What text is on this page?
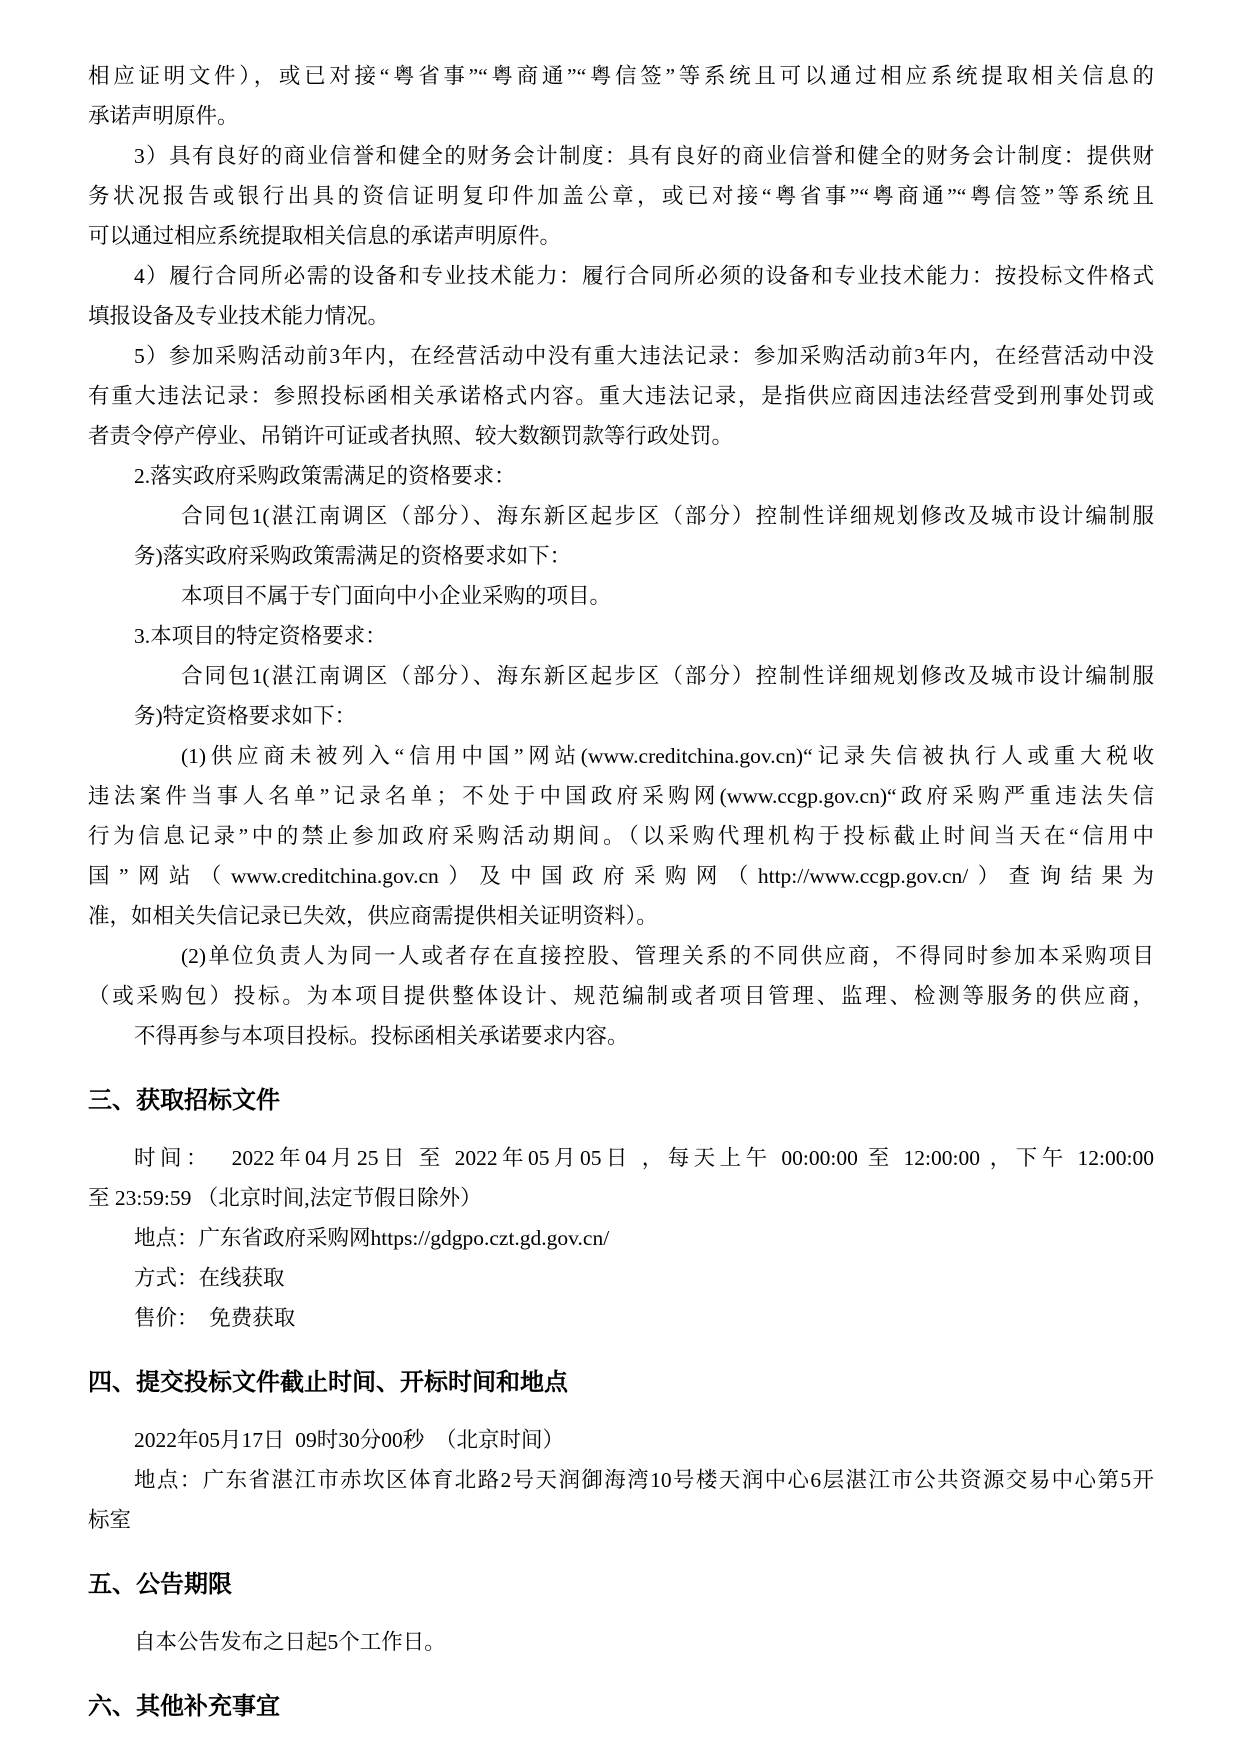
相应证明文件），或已对接“粤省事”“粤商通”“粤信签”等系统且可以通过相应系统提取相关信息的
承诺声明原件。
3）具有良好的商业信誉和健全的财务会计制度：具有良好的商业信誉和健全的财务会计制度：提供财
务状况报告或银行出具的资信证明复印件加盖公章，或已对接“粤省事”“粤商通”“粤信签”等系统且
可以通过相应系统提取相关信息的承诺声明原件。
4）履行合同所必需的设备和专业技术能力：履行合同所必须的设备和专业技术能力：按投标文件格式
填报设备及专业技术能力情况。
5）参加采购活动前3年内，在经营活动中没有重大违法记录：参加采购活动前3年内，在经营活动中没
有重大违法记录：参照投标函相关承诺格式内容。重大违法记录，是指供应商因违法经营受到刑事处罚或
者责令停产停业、吊销许可证或者执照、较大数额罚款等行政处罚。
2.落实政府采购政策需满足的资格要求：
合同包1(湛江南调区（部分）、海东新区起步区（部分）控制性详细规划修改及城市设计编制服
务)落实政府采购政策需满足的资格要求如下：
本项目不属于专门面向中小企业采购的项目。
3.本项目的特定资格要求：
合同包1(湛江南调区（部分）、海东新区起步区（部分）控制性详细规划修改及城市设计编制服
务)特定资格要求如下：
(1)供应商未被列入“信用中国”网站(www.creditchina.gov.cn)“记录失信被执行人或重大税收
违法案件当事人名单”记录名单；不处于中国政府采购网(www.ccgp.gov.cn)“政府采购严重违法失信
行为信息记录”中的禁止参加政府采购活动期间。（以采购代理机构于投标截止时间当天在“信用中
国”网站（www.creditchina.gov.cn）及中国政府采购网（http://www.ccgp.gov.cn/）查询结果为
准，如相关失信记录已失效，供应商需提供相关证明资料）。
(2)单位负责人为同一人或者存在直接控股、管理关系的不同供应商，不得同时参加本采购项目
（或采购包）投标。为本项目提供整体设计、规范编制或者项目管理、监理、检测等服务的供应商，
不得再参与本项目投标。投标函相关承诺要求内容。
三、获取招标文件
时间：  2022年04月25日 至 2022年05月05日 ，每天上午 00:00:00 至 12:00:00 ，下午 12:00:00
至 23:59:59 （北京时间,法定节假日除外）
地点：广东省政府采购网https://gdgpo.czt.gd.gov.cn/
方式：在线获取
售价：  免费获取
四、提交投标文件截止时间、开标时间和地点
2022年05月17日  09时30分00秒  （北京时间）
地点：广东省湛江市赤坎区体育北路2号天润御海湾10号楼天润中心6层湛江市公共资源交易中心第5开
标室
五、公告期限
自本公告发布之日起5个工作日。
六、其他补充事宜
